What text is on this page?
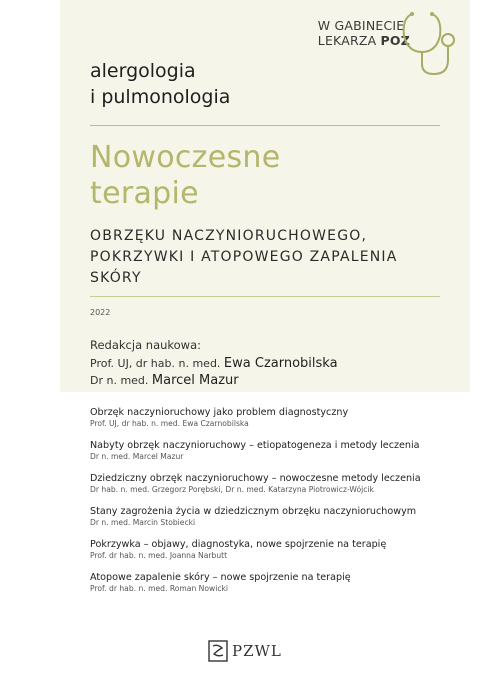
W GABINECIE
LEKARZA POZ
alergologia
i pulmonologia
Nowoczesne
terapie
OBRZĘKU NACZYNIORUCHOWEGO, POKRZYWKI I ATOPOWEGO ZAPALENIA SKÓRY
2022
Redakcja naukowa:
Prof. UJ, dr hab. n. med. Ewa Czarnobilska
Dr n. med. Marcel Mazur
Obrzęk naczynioruchowy jako problem diagnostyczny
Prof. UJ, dr hab. n. med. Ewa Czarnobilska
Nabyty obrzęk naczynioruchowy – etiopatogeneza i metody leczenia
Dr n. med. Marcel Mazur
Dziedziczny obrzęk naczynioruchowy – nowoczesne metody leczenia
Dr hab. n. med. Grzegorz Porębski, Dr n. med. Katarzyna Piotrowicz-Wójcik
Stany zagrożenia życia w dziedzicznym obrzęku naczynioruchowym
Dr n. med. Marcin Stobiecki
Pokrzywka – objawy, diagnostyka, nowe spojrzenie na terapię
Prof. dr hab. n. med. Joanna Narbutt
Atopowe zapalenie skóry – nowe spojrzenie na terapię
Prof. dr hab. n. med. Roman Nowicki
PZWL
